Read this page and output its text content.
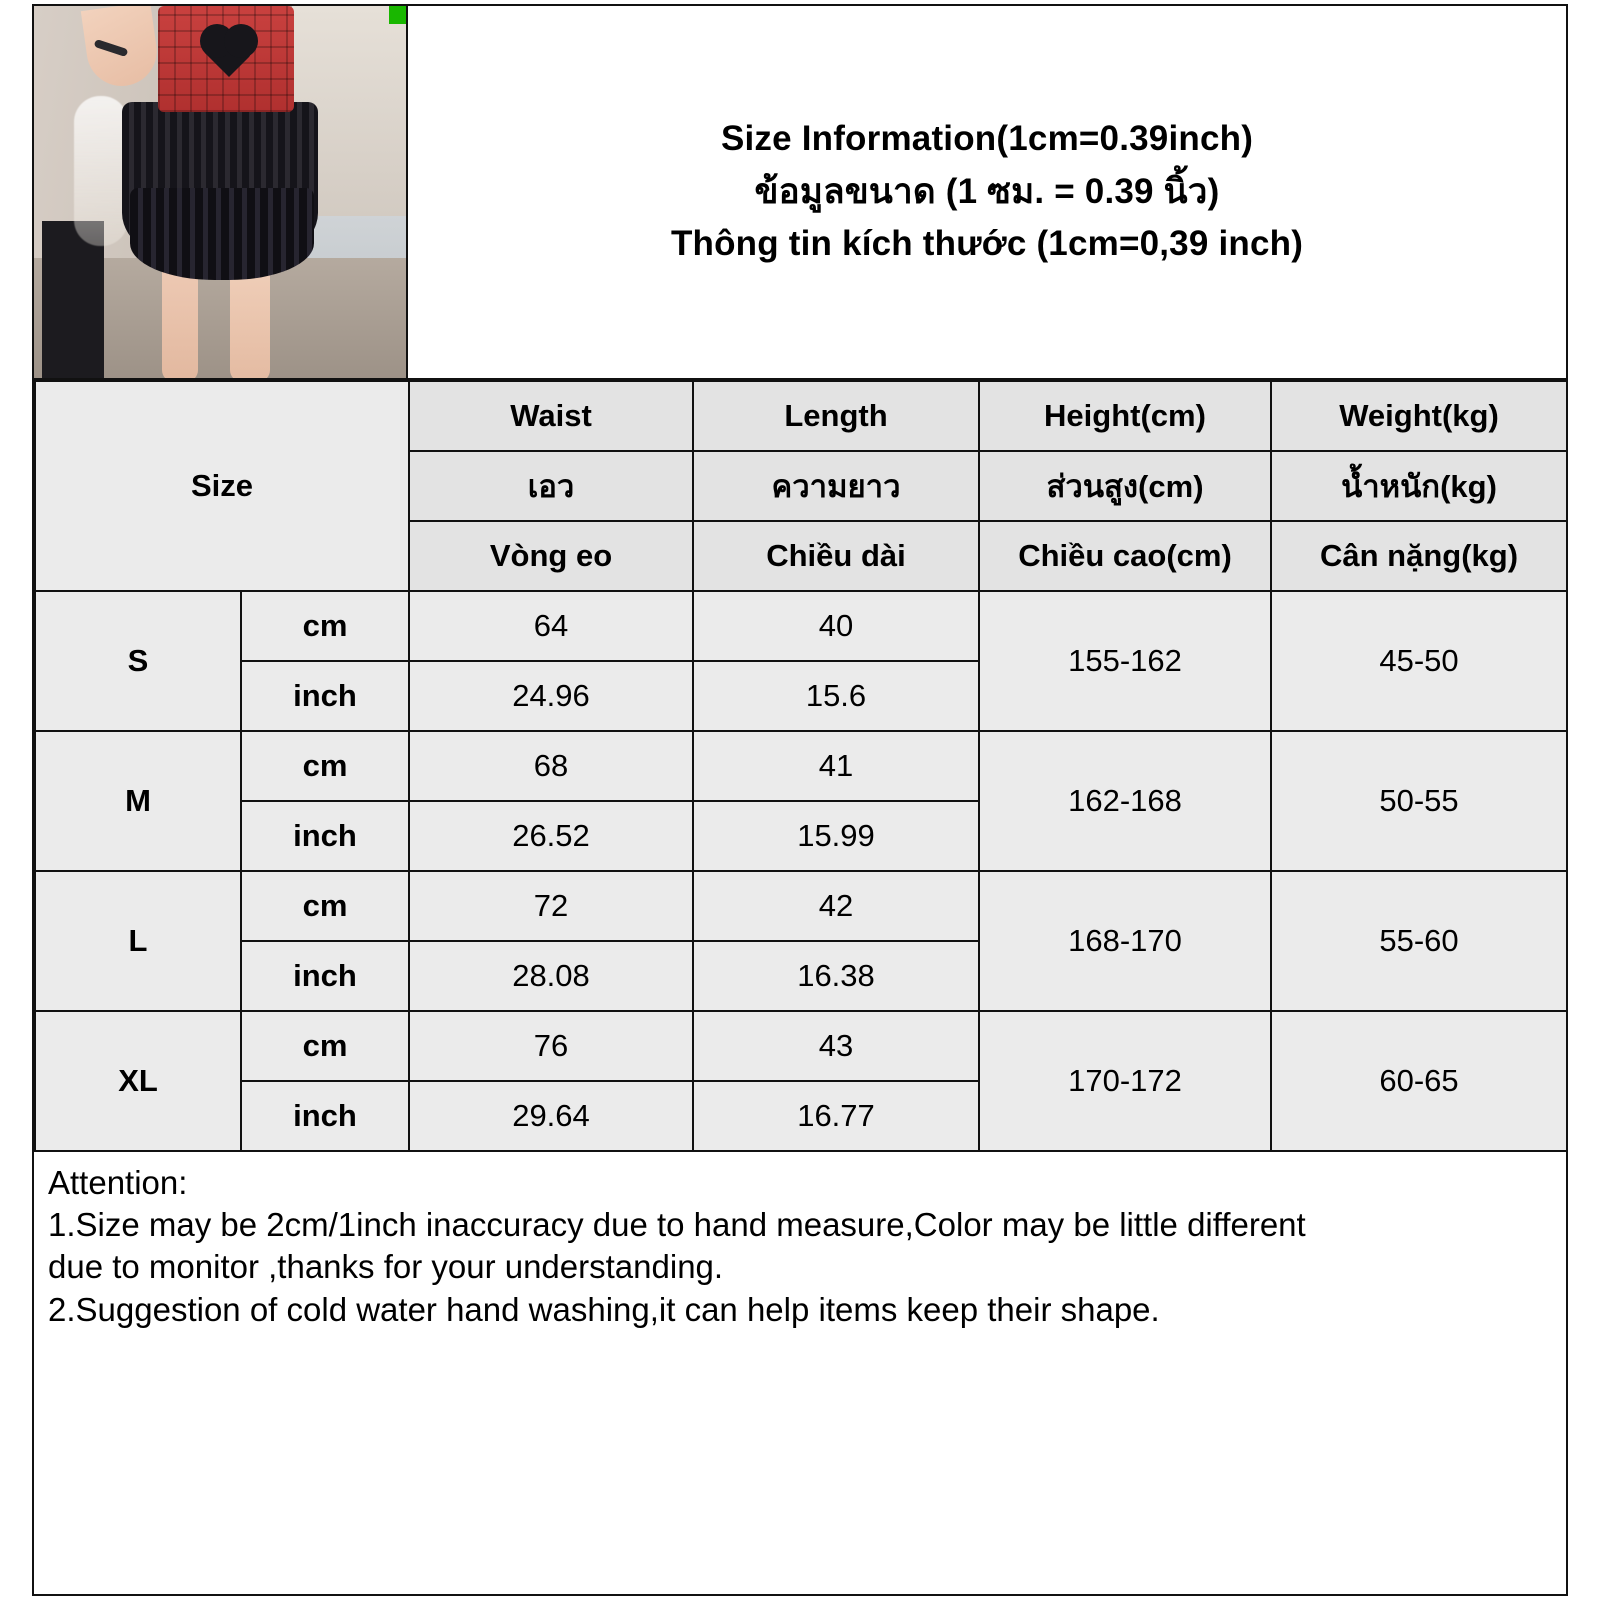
Size Information(1cm=0.39inch)
ข้อมูลขนาด (1 ซม. = 0.39 นิ้ว)
Thông tin kích thước (1cm=0,39 inch)
Size		Waist	Length	Height(cm)	Weight(kg)
		เอว	ความยาว	ส่วนสูง(cm)	น้ำหนัก(kg)
		Vòng eo	Chiều dài	Chiều cao(cm)	Cân nặng(kg)
S	cm	64	40	155-162	45-50
	inch	24.96	15.6		
M	cm	68	41	162-168	50-55
	inch	26.52	15.99		
L	cm	72	42	168-170	55-60
	inch	28.08	16.38		
XL	cm	76	43	170-172	60-65
	inch	29.64	16.77		
Attention:
1.Size may be 2cm/1inch inaccuracy due to hand measure,Color may be little different
due to monitor ,thanks for your understanding.
2.Suggestion of cold water hand washing,it can help items keep their shape.
